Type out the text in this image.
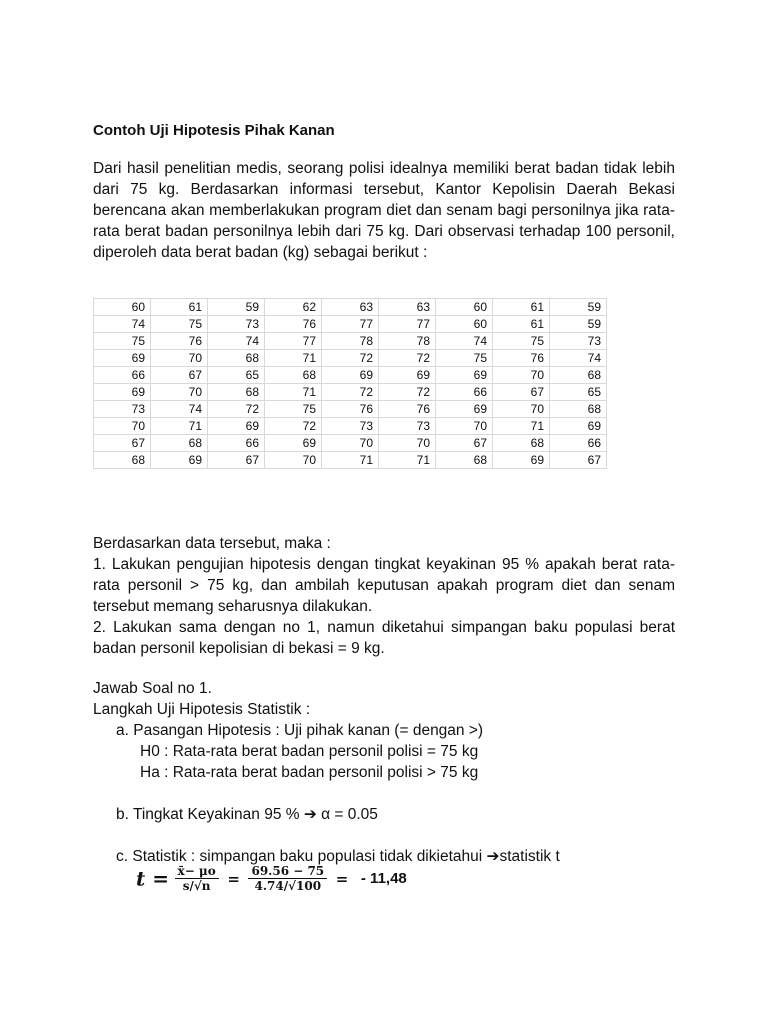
Contoh Uji Hipotesis Pihak Kanan

Dari hasil penelitian medis, seorang polisi idealnya memiliki berat badan tidak lebih dari 75 kg. Berdasarkan informasi tersebut, Kantor Kepolisin Daerah Bekasi berencana akan memberlakukan program diet dan senam bagi personilnya jika rata-rata berat badan personilnya lebih dari 75 kg. Dari observasi terhadap 100 personil, diperoleh data berat badan (kg) sebagai berikut :

60	61	59	62	63	63	60	61	59
74	75	73	76	77	77	60	61	59
75	76	74	77	78	78	74	75	73
69	70	68	71	72	72	75	76	74
66	67	65	68	69	69	69	70	68
69	70	68	71	72	72	66	67	65
73	74	72	75	76	76	69	70	68
70	71	69	72	73	73	70	71	69
67	68	66	69	70	70	67	68	66
68	69	67	70	71	71	68	69	67

Berdasarkan data tersebut, maka :

1. Lakukan pengujian hipotesis dengan tingkat keyakinan 95 % apakah berat rata-rata personil > 75 kg, dan ambilah keputusan apakah program diet dan senam tersebut memang seharusnya dilakukan.

2. Lakukan sama dengan no 1, namun diketahui simpangan baku populasi berat badan personil kepolisian di bekasi = 9 kg.

Jawab Soal no 1.

Langkah Uji Hipotesis Statistik :

a. Pasangan Hipotesis : Uji pihak kanan (= dengan >)

H0 : Rata-rata berat badan personil polisi = 75 kg

Ha : Rata-rata berat badan personil polisi > 75 kg

b. Tingkat Keyakinan 95 % ➔ α = 0.05

c. Statistik : simpangan baku populasi tidak dikietahui ➔statistik t

$t = \frac{x̄- \mu o}{s/√n} = \frac{69.56 - 75}{4.74/√100}$ = - 11,48
